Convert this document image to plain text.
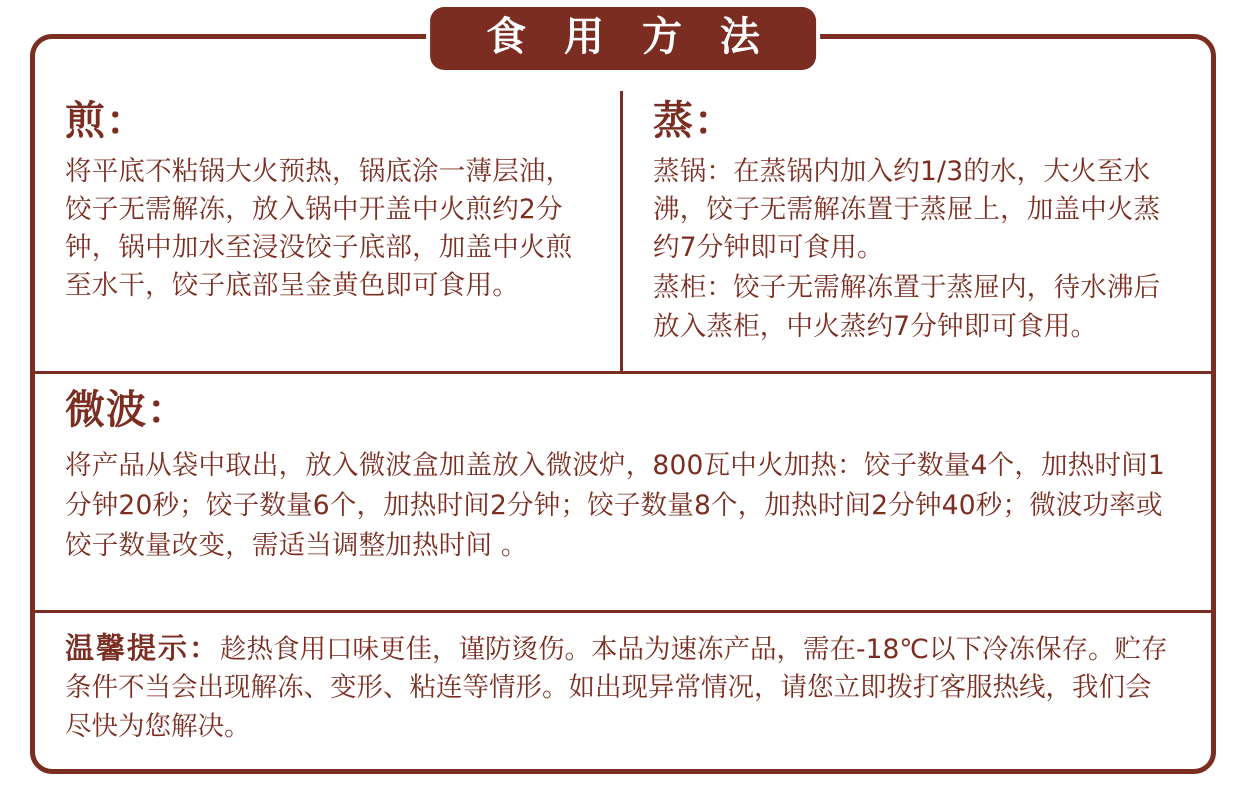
食 用 方 法
煎：

将平底不粘锅大火预热，锅底涂一薄层油，饺子无需解冻，放入锅中开盖中火煎约2分钟，锅中加水至浸没饺子底部，加盖中火煎至水干，饺子底部呈金黄色即可食用。

蒸：

蒸锅：在蒸锅内加入约1/3的水，大火至水沸，饺子无需解冻置于蒸屉上，加盖中火蒸约7分钟即可食用。

蒸柜：饺子无需解冻置于蒸屉内，待水沸后放入蒸柜，中火蒸约7分钟即可食用。

微波：

将产品从袋中取出，放入微波盒加盖放入微波炉，800瓦中火加热：饺子数量4个，加热时间1分钟20秒；饺子数量6个，加热时间2分钟；饺子数量8个，加热时间2分钟40秒；微波功率或饺子数量改变，需适当调整加热时间 。

温馨提示：趁热食用口味更佳，谨防烫伤。本品为速冻产品，需在-18℃以下冷冻保存。贮存条件不当会出现解冻、变形、粘连等情形。如出现异常情况，请您立即拨打客服热线，我们会尽快为您解决。
